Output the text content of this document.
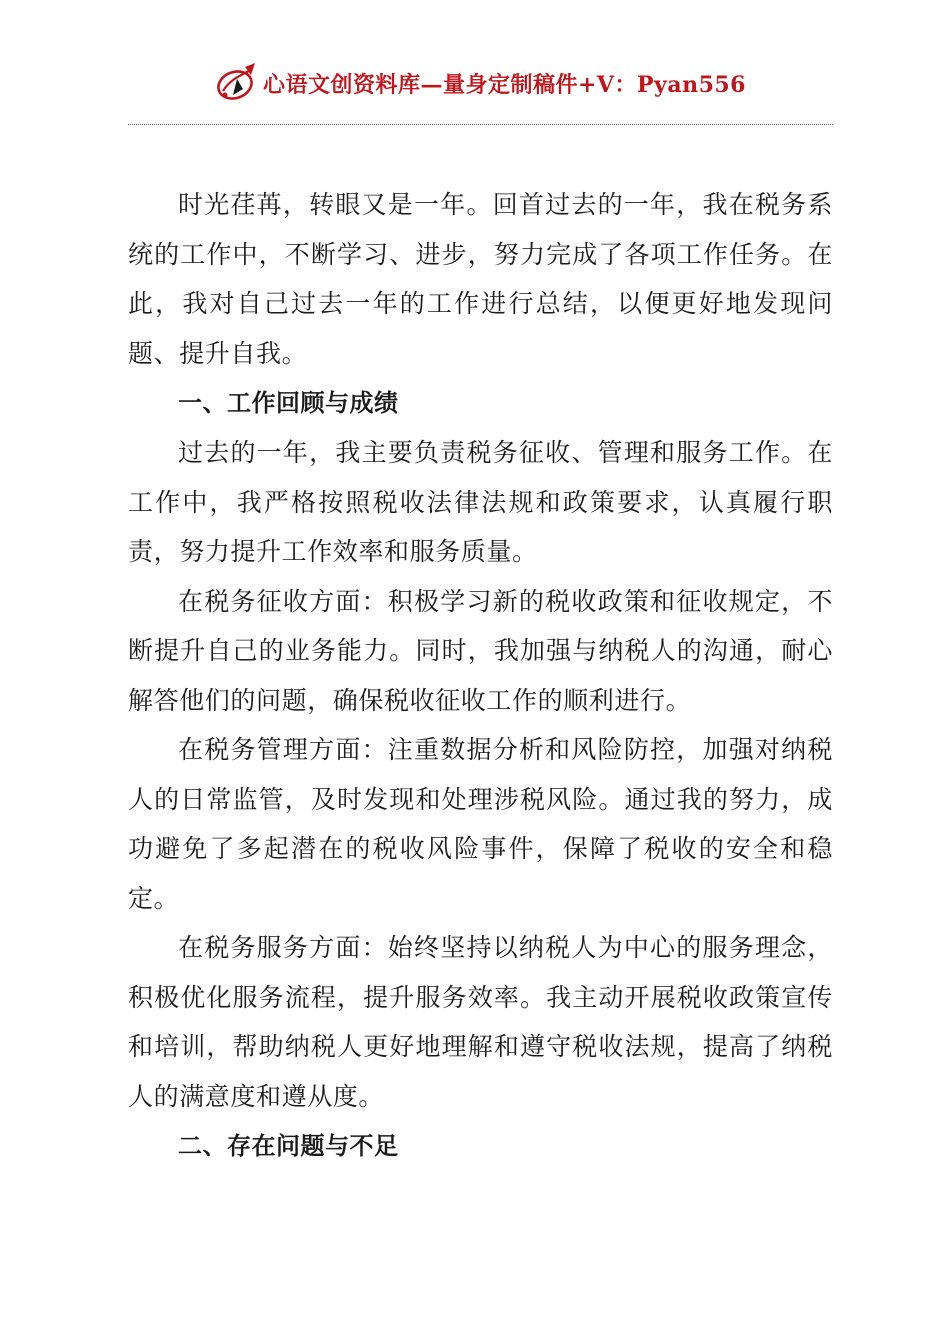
心语文创资料库—量身定制稿件+V：Pyan556

时光荏苒，转眼又是一年。回首过去的一年，我在税务系统的工作中，不断学习、进步，努力完成了各项工作任务。在此，我对自己过去一年的工作进行总结，以便更好地发现问题、提升自我。

一、工作回顾与成绩

过去的一年，我主要负责税务征收、管理和服务工作。在工作中，我严格按照税收法律法规和政策要求，认真履行职责，努力提升工作效率和服务质量。

在税务征收方面：积极学习新的税收政策和征收规定，不断提升自己的业务能力。同时，我加强与纳税人的沟通，耐心解答他们的问题，确保税收征收工作的顺利进行。

在税务管理方面：注重数据分析和风险防控，加强对纳税人的日常监管，及时发现和处理涉税风险。通过我的努力，成功避免了多起潜在的税收风险事件，保障了税收的安全和稳定。

在税务服务方面：始终坚持以纳税人为中心的服务理念，积极优化服务流程，提升服务效率。我主动开展税收政策宣传和培训，帮助纳税人更好地理解和遵守税收法规，提高了纳税人的满意度和遵从度。

二、存在问题与不足
